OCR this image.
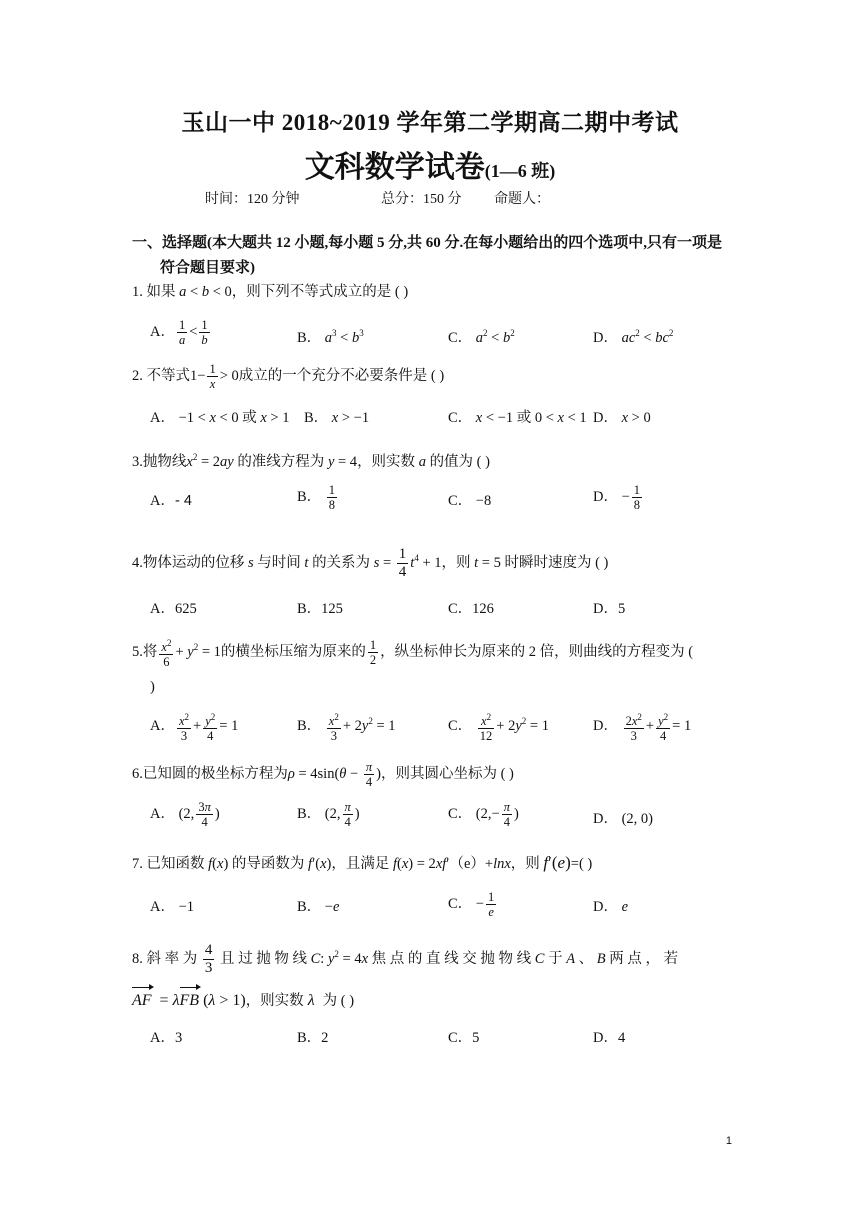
玉山一中 2018~2019 学年第二学期高二期中考试
文科数学试卷(1—6 班)
时间：120 分钟	总分：150 分 命题人：
一、选择题(本大题共 12 小题,每小题 5 分,共 60 分.在每小题给出的四个选项中,只有一项是
符合题目要求)
1. 如果 a < b < 0，则下列不等式成立的是 ( )
A． $\frac{1}{a} < \frac{1}{b}$	B． $a^3 < b^3$	C． $a^2 < b^2$	D． $ac^2 < bc^2$
2. 不等式$1- \frac{1}{x} > 0$成立的一个充分不必要条件是 ( )
A． −1 < x < 0 或 x > 1 B． x > −1	C． x < −1 或 0 < x < 1 D． x > 0
3.抛物线$x^2 = 2ay$ 的准线方程为 y = 4，则实数 a 的值为 ( )
A．- 4	B． $\frac{1}{8}$	C． −8	D． − $\frac{1}{8}$
4.物体运动的位移 s 与时间 t 的关系为 $s = \frac{1}{4} t^4 + 1$，则 t = 5 时瞬时速度为 ( )
A．625	B．125	C．126	D．5
5.将 $\frac{x^2}{6} + y^2 = 1$的横坐标压缩为原来的 $\frac{1}{2}$ ，纵坐标伸长为原来的 2 倍，则曲线的方程变为 (
)
A． $\frac{x^2}{3} + \frac{y^2}{4} = 1$	B． $\frac{x^2}{3} + 2y^2 = 1$	C． $\frac{x^2}{12} + 2y^2 = 1$	D． $\frac{2x^2}{3} + \frac{y^2}{4} = 1$
6.已知圆的极坐标方程为$\rho = 4\sin(\theta - \frac{\pi}{4}$ )，则其圆心坐标为 ( )
A． (2, $\frac{3\pi}{4}$ )	B． (2, $\frac{\pi}{4}$ )	C． ($2,- \frac{\pi}{4}$ )	D． (2, 0)
7. 已知函数 f(x) 的导函数为 f′(x)，且满足 f(x) = 2xf′（e）+lnx，则 f′(e)=( )
A． −1	B． −e	C． − $\frac{1}{e}$	D． e
8. 斜 率 为 $\frac{4}{3}$ 且 过 抛 物 线 C: $y^2 = 4x$ 焦 点 的 直 线 交 抛 物 线 C 于 A 、 B 两 点 ， 若
AF  = λFB (λ > 1)，则实数 λ 为 ( )
A．3	B．2	C．5	D．4
1
